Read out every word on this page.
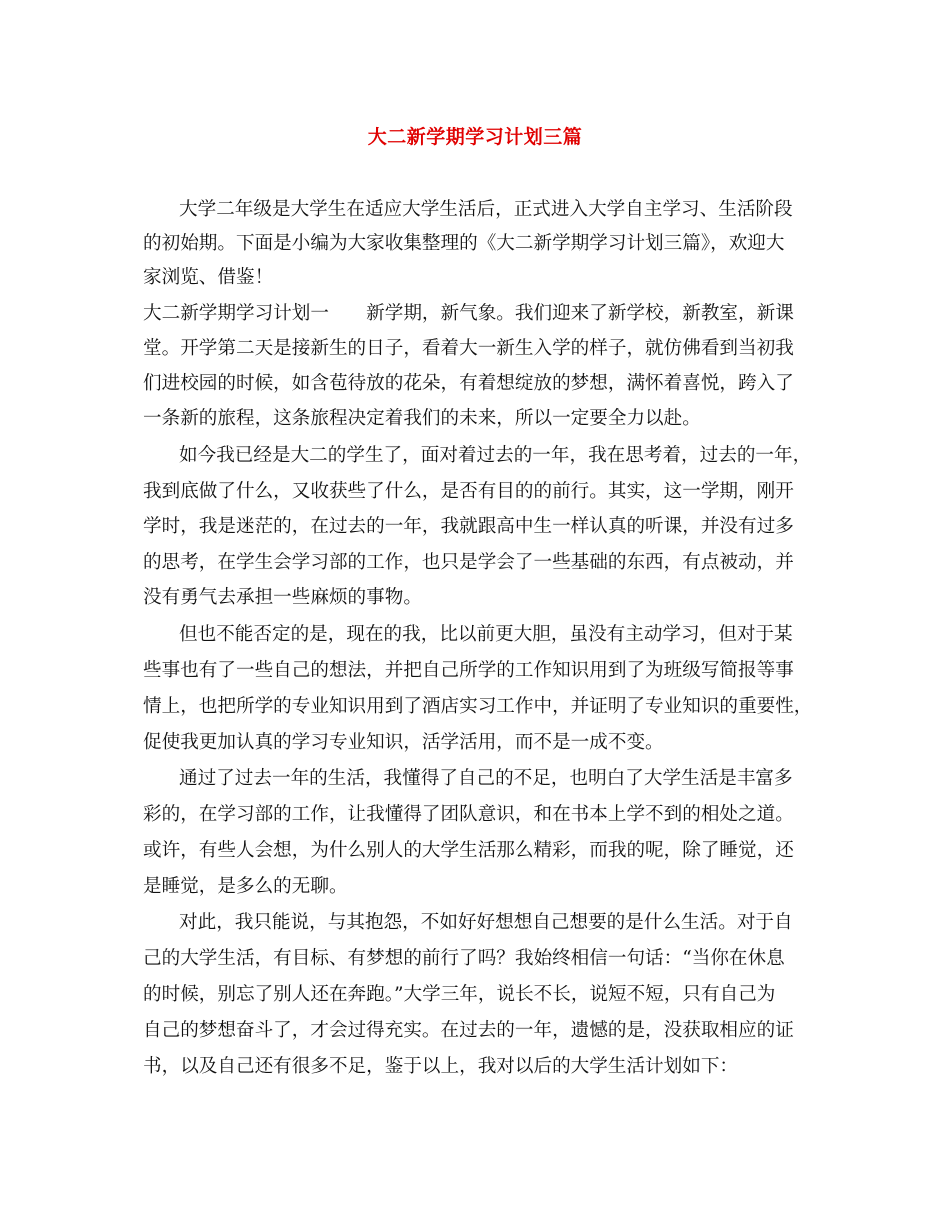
大二新学期学习计划三篇
大学二年级是大学生在适应大学生活后，正式进入大学自主学习、生活阶段
的初始期。下面是小编为大家收集整理的《大二新学期学习计划三篇》，欢迎大
家浏览、借鉴！
大二新学期学习计划一　　新学期，新气象。我们迎来了新学校，新教室，新课
堂。开学第二天是接新生的日子，看着大一新生入学的样子，就仿佛看到当初我
们进校园的时候，如含苞待放的花朵，有着想绽放的梦想，满怀着喜悦，跨入了
一条新的旅程，这条旅程决定着我们的未来，所以一定要全力以赴。
如今我已经是大二的学生了，面对着过去的一年，我在思考着，过去的一年，
我到底做了什么，又收获些了什么，是否有目的的前行。其实，这一学期，刚开
学时，我是迷茫的，在过去的一年，我就跟高中生一样认真的听课，并没有过多
的思考，在学生会学习部的工作，也只是学会了一些基础的东西，有点被动，并
没有勇气去承担一些麻烦的事物。
但也不能否定的是，现在的我，比以前更大胆，虽没有主动学习，但对于某
些事也有了一些自己的想法，并把自己所学的工作知识用到了为班级写简报等事
情上，也把所学的专业知识用到了酒店实习工作中，并证明了专业知识的重要性，
促使我更加认真的学习专业知识，活学活用，而不是一成不变。
通过了过去一年的生活，我懂得了自己的不足，也明白了大学生活是丰富多
彩的，在学习部的工作，让我懂得了团队意识，和在书本上学不到的相处之道。
或许，有些人会想，为什么别人的大学生活那么精彩，而我的呢，除了睡觉，还
是睡觉，是多么的无聊。
对此，我只能说，与其抱怨，不如好好想想自己想要的是什么生活。对于自
己的大学生活，有目标、有梦想的前行了吗？我始终相信一句话：“当你在休息
的时候，别忘了别人还在奔跑。”大学三年，说长不长，说短不短，只有自己为
自己的梦想奋斗了，才会过得充实。在过去的一年，遗憾的是，没获取相应的证
书，以及自己还有很多不足，鉴于以上，我对以后的大学生活计划如下：
